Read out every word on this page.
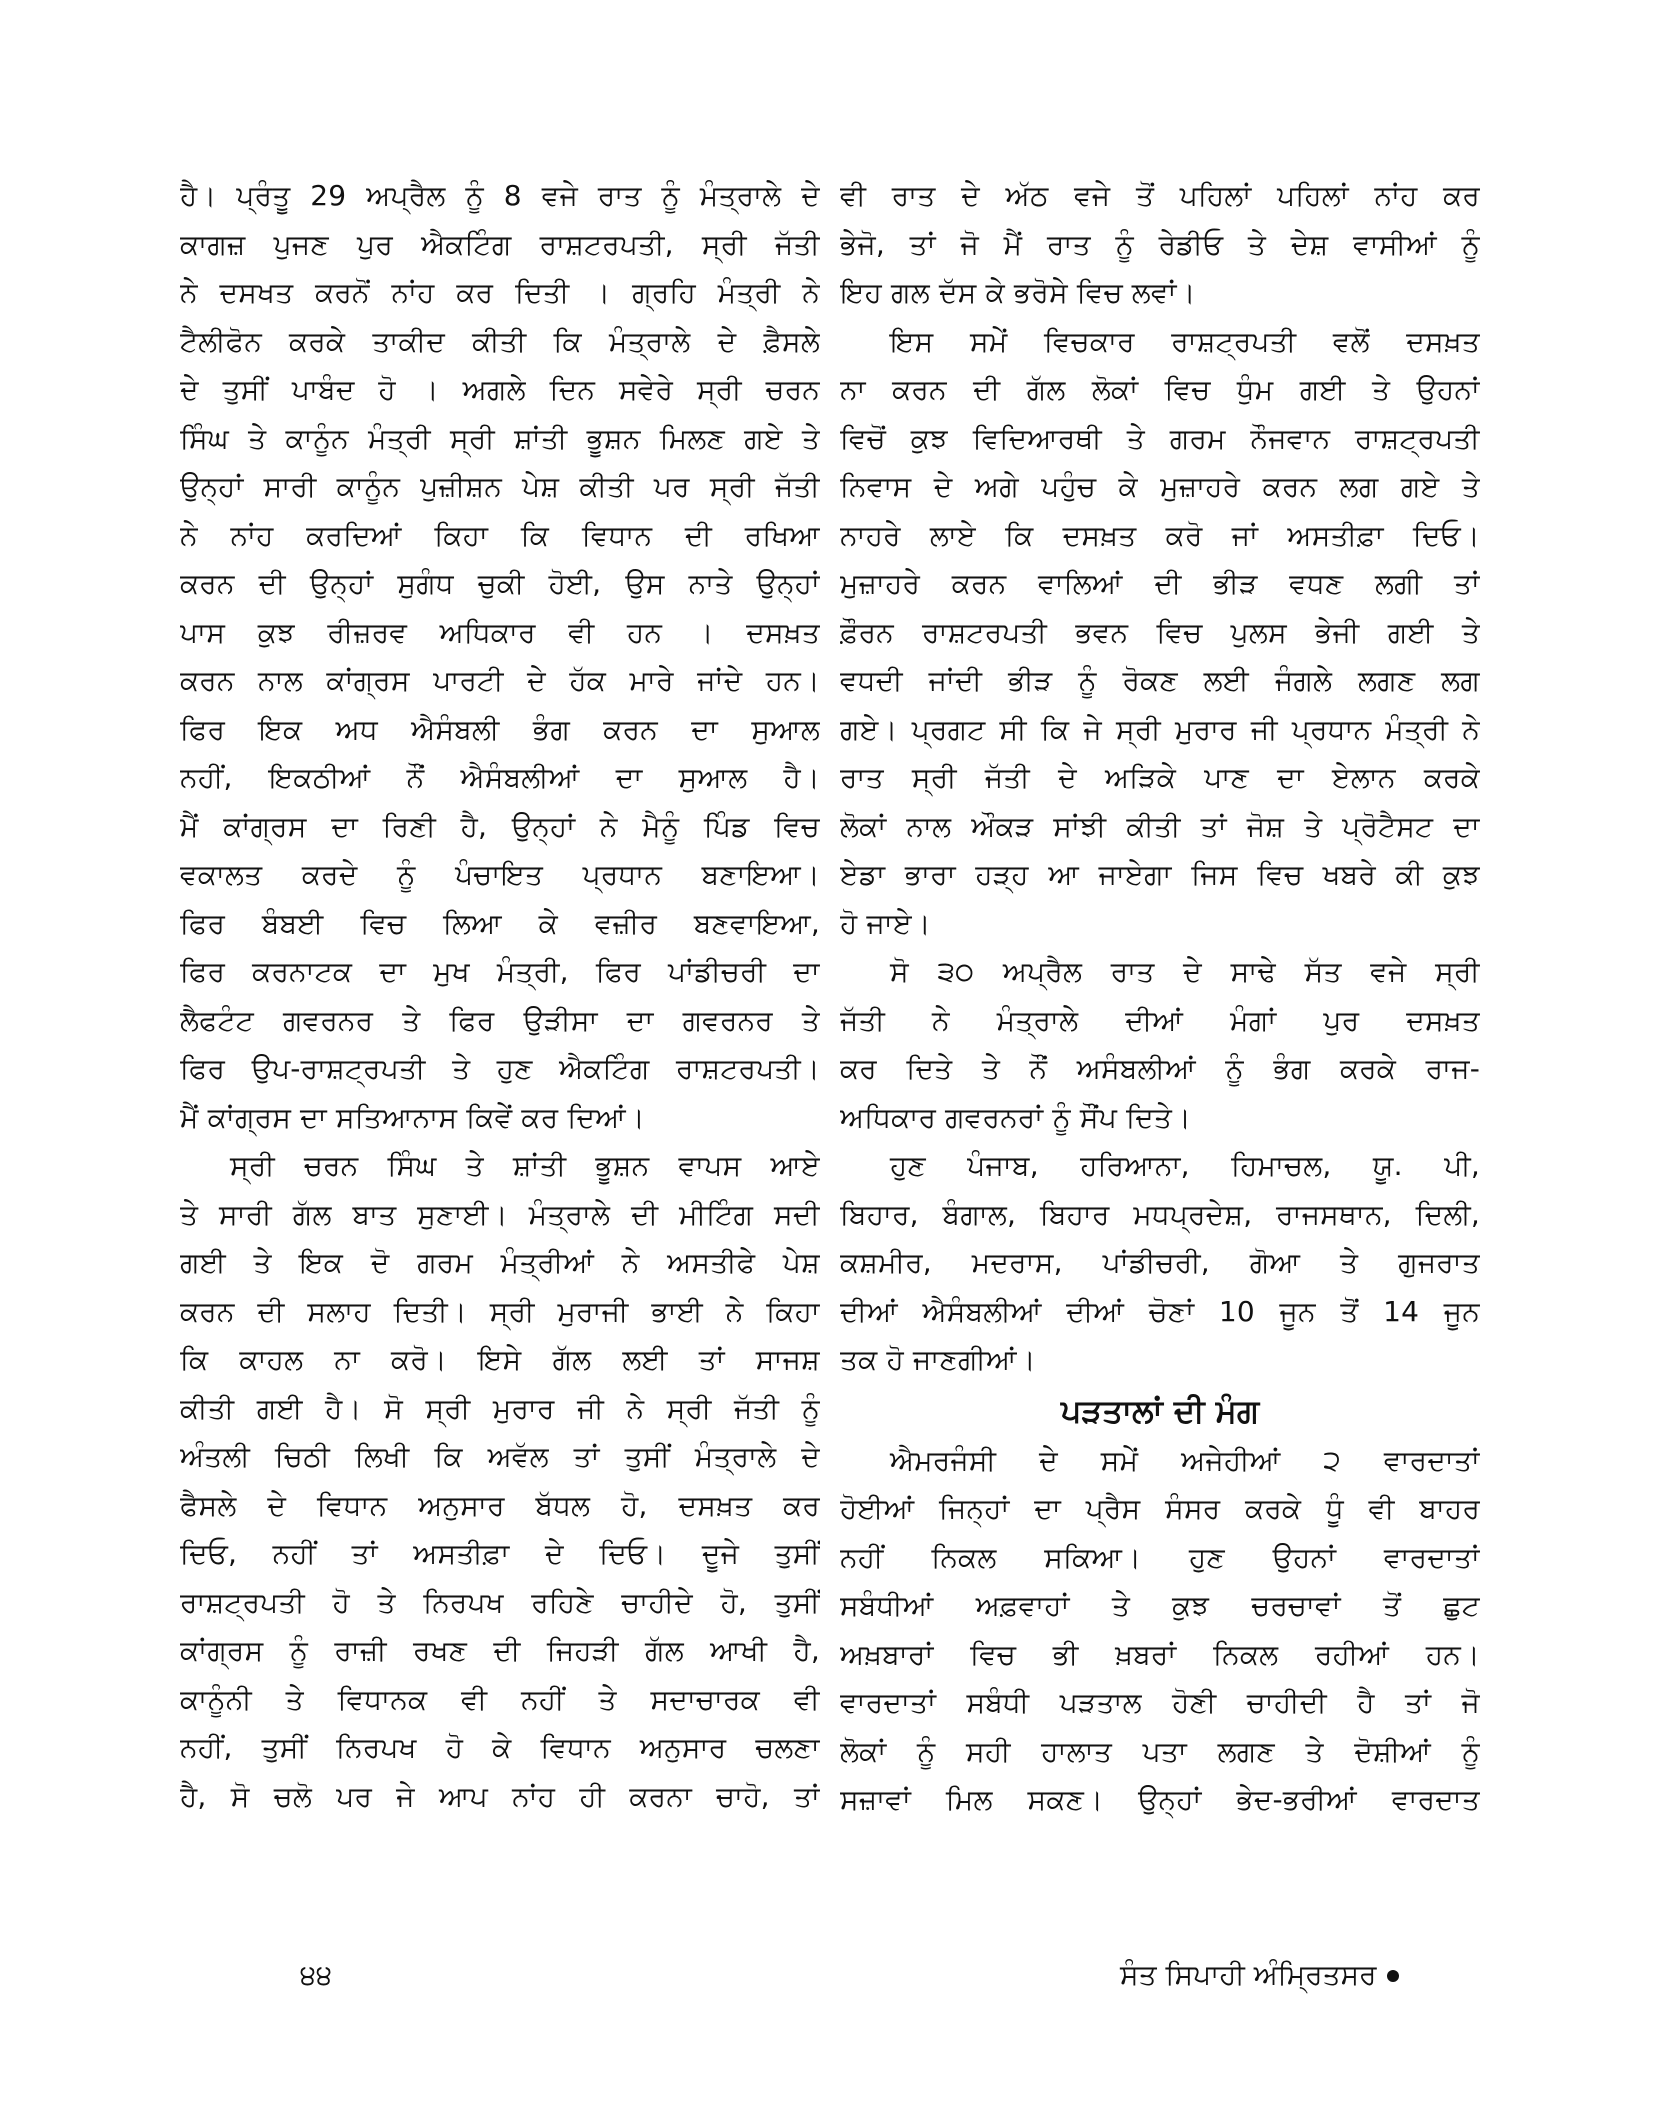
ਹੈ। ਪ੍ਰੰਤੂ 29 ਅਪ੍ਰੈਲ ਨੂੰ 8 ਵਜੇ ਰਾਤ ਨੂੰ ਮੰਤ੍ਰਾਲੇ ਦੇ
ਕਾਗਜ਼ ਪੁਜਣ ਪੁਰ ਐਕਟਿੰਗ ਰਾਸ਼ਟਰਪਤੀ, ਸ੍ਰੀ ਜੱਤੀ
ਨੇ ਦਸਖਤ ਕਰਨੋਂ ਨਾਂਹ ਕਰ ਦਿਤੀ । ਗ੍ਰਹਿ ਮੰਤ੍ਰੀ ਨੇ
ਟੈਲੀਫੋਨ ਕਰਕੇ ਤਾਕੀਦ ਕੀਤੀ ਕਿ ਮੰਤ੍ਰਾਲੇ ਦੇ ਫ਼ੈਸਲੇ
ਦੇ ਤੁਸੀਂ ਪਾਬੰਦ ਹੋ । ਅਗਲੇ ਦਿਨ ਸਵੇਰੇ ਸ੍ਰੀ ਚਰਨ
ਸਿੰਘ ਤੇ ਕਾਨੂੰਨ ਮੰਤ੍ਰੀ ਸ੍ਰੀ ਸ਼ਾਂਤੀ ਭੂਸ਼ਨ ਮਿਲਣ ਗਏ ਤੇ
ਉਨ੍ਹਾਂ ਸਾਰੀ ਕਾਨੂੰਨ ਪੁਜ਼ੀਸ਼ਨ ਪੇਸ਼ ਕੀਤੀ ਪਰ ਸ੍ਰੀ ਜੱਤੀ
ਨੇ ਨਾਂਹ ਕਰਦਿਆਂ ਕਿਹਾ ਕਿ ਵਿਧਾਨ ਦੀ ਰਖਿਆ
ਕਰਨ ਦੀ ਉਨ੍ਹਾਂ ਸੁਗੰਧ ਚੁਕੀ ਹੋਈ, ਉਸ ਨਾਤੇ ਉਨ੍ਹਾਂ
ਪਾਸ ਕੁਝ ਰੀਜ਼ਰਵ ਅਧਿਕਾਰ ਵੀ ਹਨ । ਦਸਖ਼ਤ
ਕਰਨ ਨਾਲ ਕਾਂਗ੍ਰਸ ਪਾਰਟੀ ਦੇ ਹੱਕ ਮਾਰੇ ਜਾਂਦੇ ਹਨ।
ਫਿਰ ਇਕ ਅਧ ਐਸੰਬਲੀ ਭੰਗ ਕਰਨ ਦਾ ਸੁਆਲ
ਨਹੀਂ, ਇਕਠੀਆਂ ਨੌਂ ਐਸੰਬਲੀਆਂ ਦਾ ਸੁਆਲ ਹੈ।
ਮੈਂ ਕਾਂਗ੍ਰਸ ਦਾ ਰਿਣੀ ਹੈ, ਉਨ੍ਹਾਂ ਨੇ ਮੈਨੂੰ ਪਿੰਡ ਵਿਚ
ਵਕਾਲਤ ਕਰਦੇ ਨੂੰ ਪੰਚਾਇਤ ਪ੍ਰਧਾਨ ਬਣਾਇਆ।
ਫਿਰ ਬੰਬਈ ਵਿਚ ਲਿਆ ਕੇ ਵਜ਼ੀਰ ਬਣਵਾਇਆ,
ਫਿਰ ਕਰਨਾਟਕ ਦਾ ਮੁਖ ਮੰਤ੍ਰੀ, ਫਿਰ ਪਾਂਡੀਚਰੀ ਦਾ
ਲੈਫਟੰਟ ਗਵਰਨਰ ਤੇ ਫਿਰ ਉੜੀਸਾ ਦਾ ਗਵਰਨਰ ਤੇ
ਫਿਰ ਉਪ-ਰਾਸ਼ਟ੍ਰਪਤੀ ਤੇ ਹੁਣ ਐਕਟਿੰਗ ਰਾਸ਼ਟਰਪਤੀ।
ਮੈਂ ਕਾਂਗ੍ਰਸ ਦਾ ਸਤਿਆਨਾਸ ਕਿਵੇਂ ਕਰ ਦਿਆਂ।
ਸ੍ਰੀ ਚਰਨ ਸਿੰਘ ਤੇ ਸ਼ਾਂਤੀ ਭੂਸ਼ਨ ਵਾਪਸ ਆਏ
ਤੇ ਸਾਰੀ ਗੱਲ ਬਾਤ ਸੁਣਾਈ। ਮੰਤ੍ਰਾਲੇ ਦੀ ਮੀਟਿੰਗ ਸਦੀ
ਗਈ ਤੇ ਇਕ ਦੋ ਗਰਮ ਮੰਤ੍ਰੀਆਂ ਨੇ ਅਸਤੀਫੇ ਪੇਸ਼
ਕਰਨ ਦੀ ਸਲਾਹ ਦਿਤੀ। ਸ੍ਰੀ ਮੁਰਾਜੀ ਭਾਈ ਨੇ ਕਿਹਾ
ਕਿ ਕਾਹਲ ਨਾ ਕਰੋ। ਇਸੇ ਗੱਲ ਲਈ ਤਾਂ ਸਾਜਸ਼
ਕੀਤੀ ਗਈ ਹੈ। ਸੋ ਸ੍ਰੀ ਮੁਰਾਰ ਜੀ ਨੇ ਸ੍ਰੀ ਜੱਤੀ ਨੂੰ
ਅੰਤਲੀ ਚਿਠੀ ਲਿਖੀ ਕਿ ਅਵੱਲ ਤਾਂ ਤੁਸੀਂ ਮੰਤ੍ਰਾਲੇ ਦੇ
ਫੈਸਲੇ ਦੇ ਵਿਧਾਨ ਅਨੁਸਾਰ ਬੱਧਲ ਹੋ, ਦਸਖ਼ਤ ਕਰ
ਦਿਓ, ਨਹੀਂ ਤਾਂ ਅਸਤੀਫ਼ਾ ਦੇ ਦਿਓ। ਦੂਜੇ ਤੁਸੀਂ
ਰਾਸ਼ਟ੍ਰਪਤੀ ਹੋ ਤੇ ਨਿਰਪਖ ਰਹਿਣੇ ਚਾਹੀਦੇ ਹੋ, ਤੁਸੀਂ
ਕਾਂਗ੍ਰਸ ਨੂੰ ਰਾਜ਼ੀ ਰਖਣ ਦੀ ਜਿਹੜੀ ਗੱਲ ਆਖੀ ਹੈ,
ਕਾਨੂੰਨੀ ਤੇ ਵਿਧਾਨਕ ਵੀ ਨਹੀਂ ਤੇ ਸਦਾਚਾਰਕ ਵੀ
ਨਹੀਂ, ਤੁਸੀਂ ਨਿਰਪਖ ਹੋ ਕੇ ਵਿਧਾਨ ਅਨੁਸਾਰ ਚਲਣਾ
ਹੈ, ਸੋ ਚਲੋ ਪਰ ਜੇ ਆਪ ਨਾਂਹ ਹੀ ਕਰਨਾ ਚਾਹੋ, ਤਾਂ
ਵੀ ਰਾਤ ਦੇ ਅੱਠ ਵਜੇ ਤੋਂ ਪਹਿਲਾਂ ਪਹਿਲਾਂ ਨਾਂਹ ਕਰ
ਭੇਜੋ, ਤਾਂ ਜੋ ਮੈਂ ਰਾਤ ਨੂੰ ਰੇਡੀਓ ਤੇ ਦੇਸ਼ ਵਾਸੀਆਂ ਨੂੰ
ਇਹ ਗਲ ਦੱਸ ਕੇ ਭਰੋਸੇ ਵਿਚ ਲਵਾਂ।
ਇਸ ਸਮੇਂ ਵਿਚਕਾਰ ਰਾਸ਼ਟ੍ਰਪਤੀ ਵਲੋਂ ਦਸਖ਼ਤ
ਨਾ ਕਰਨ ਦੀ ਗੱਲ ਲੋਕਾਂ ਵਿਚ ਧੁੰਮ ਗਈ ਤੇ ਉਹਨਾਂ
ਵਿਚੋਂ ਕੁਝ ਵਿਦਿਆਰਥੀ ਤੇ ਗਰਮ ਨੌਜਵਾਨ ਰਾਸ਼ਟ੍ਰਪਤੀ
ਨਿਵਾਸ ਦੇ ਅਗੇ ਪਹੁੰਚ ਕੇ ਮੁਜ਼ਾਹਰੇ ਕਰਨ ਲਗ ਗਏ ਤੇ
ਨਾਹਰੇ ਲਾਏ ਕਿ ਦਸਖ਼ਤ ਕਰੋ ਜਾਂ ਅਸਤੀਫ਼ਾ ਦਿਓ।
ਮੁਜ਼ਾਹਰੇ ਕਰਨ ਵਾਲਿਆਂ ਦੀ ਭੀੜ ਵਧਣ ਲਗੀ ਤਾਂ
ਫ਼ੌਰਨ ਰਾਸ਼ਟਰਪਤੀ ਭਵਨ ਵਿਚ ਪੁਲਸ ਭੇਜੀ ਗਈ ਤੇ
ਵਧਦੀ ਜਾਂਦੀ ਭੀੜ ਨੂੰ ਰੋਕਣ ਲਈ ਜੰਗਲੇ ਲਗਣ ਲਗ
ਗਏ। ਪ੍ਰਗਟ ਸੀ ਕਿ ਜੇ ਸ੍ਰੀ ਮੁਰਾਰ ਜੀ ਪ੍ਰਧਾਨ ਮੰਤ੍ਰੀ ਨੇ
ਰਾਤ ਸ੍ਰੀ ਜੱਤੀ ਦੇ ਅੜਿਕੇ ਪਾਣ ਦਾ ਏਲਾਨ ਕਰਕੇ
ਲੋਕਾਂ ਨਾਲ ਔਕੜ ਸਾਂਝੀ ਕੀਤੀ ਤਾਂ ਜੋਸ਼ ਤੇ ਪ੍ਰੋਟੈਸਟ ਦਾ
ਏਡਾ ਭਾਰਾ ਹੜ੍ਹ ਆ ਜਾਏਗਾ ਜਿਸ ਵਿਚ ਖਬਰੇ ਕੀ ਕੁਝ
ਹੋ ਜਾਏ।
ਸੋ ੩੦ ਅਪ੍ਰੈਲ ਰਾਤ ਦੇ ਸਾਢੇ ਸੱਤ ਵਜੇ ਸ੍ਰੀ
ਜੱਤੀ ਨੇ ਮੰਤ੍ਰਾਲੇ ਦੀਆਂ ਮੰਗਾਂ ਪੁਰ ਦਸਖ਼ਤ
ਕਰ ਦਿਤੇ ਤੇ ਨੌਂ ਅਸੰਬਲੀਆਂ ਨੂੰ ਭੰਗ ਕਰਕੇ ਰਾਜ-
ਅਧਿਕਾਰ ਗਵਰਨਰਾਂ ਨੂੰ ਸੌਂਪ ਦਿਤੇ।
ਹੁਣ ਪੰਜਾਬ, ਹਰਿਆਨਾ, ਹਿਮਾਚਲ, ਯੂ. ਪੀ,
ਬਿਹਾਰ, ਬੰਗਾਲ, ਬਿਹਾਰ ਮਧਪ੍ਰਦੇਸ਼, ਰਾਜਸਥਾਨ, ਦਿਲੀ,
ਕਸ਼ਮੀਰ, ਮਦਰਾਸ, ਪਾਂਡੀਚਰੀ, ਗੋਆ ਤੇ ਗੁਜਰਾਤ
ਦੀਆਂ ਐਸੰਬਲੀਆਂ ਦੀਆਂ ਚੋਣਾਂ 10 ਜੂਨ ਤੋਂ 14 ਜੂਨ
ਤਕ ਹੋ ਜਾਣਗੀਆਂ।
ਪੜਤਾਲਾਂ ਦੀ ਮੰਗ
ਐਮਰਜੰਸੀ ਦੇ ਸਮੇਂ ਅਜੇਹੀਆਂ ੨ ਵਾਰਦਾਤਾਂ
ਹੋਈਆਂ ਜਿਨ੍ਹਾਂ ਦਾ ਪ੍ਰੈਸ ਸੰਸਰ ਕਰਕੇ ਧੂੰ ਵੀ ਬਾਹਰ
ਨਹੀਂ ਨਿਕਲ ਸਕਿਆ। ਹੁਣ ਉਹਨਾਂ ਵਾਰਦਾਤਾਂ
ਸਬੰਧੀਆਂ ਅਫ਼ਵਾਹਾਂ ਤੇ ਕੁਝ ਚਰਚਾਵਾਂ ਤੋਂ ਛੁਟ
ਅਖ਼ਬਾਰਾਂ ਵਿਚ ਭੀ ਖ਼ਬਰਾਂ ਨਿਕਲ ਰਹੀਆਂ ਹਨ।
ਵਾਰਦਾਤਾਂ ਸਬੰਧੀ ਪੜਤਾਲ ਹੋਣੀ ਚਾਹੀਦੀ ਹੈ ਤਾਂ ਜੋ
ਲੋਕਾਂ ਨੂੰ ਸਹੀ ਹਾਲਾਤ ਪਤਾ ਲਗਣ ਤੇ ਦੋਸ਼ੀਆਂ ਨੂੰ
ਸਜ਼ਾਵਾਂ ਮਿਲ ਸਕਣ। ਉਨ੍ਹਾਂ ਭੇਦ-ਭਰੀਆਂ ਵਾਰਦਾਤ
੪੪	ਸੰਤ ਸਿਪਾਹੀ ਅੰਮ੍ਰਿਤਸਰ
